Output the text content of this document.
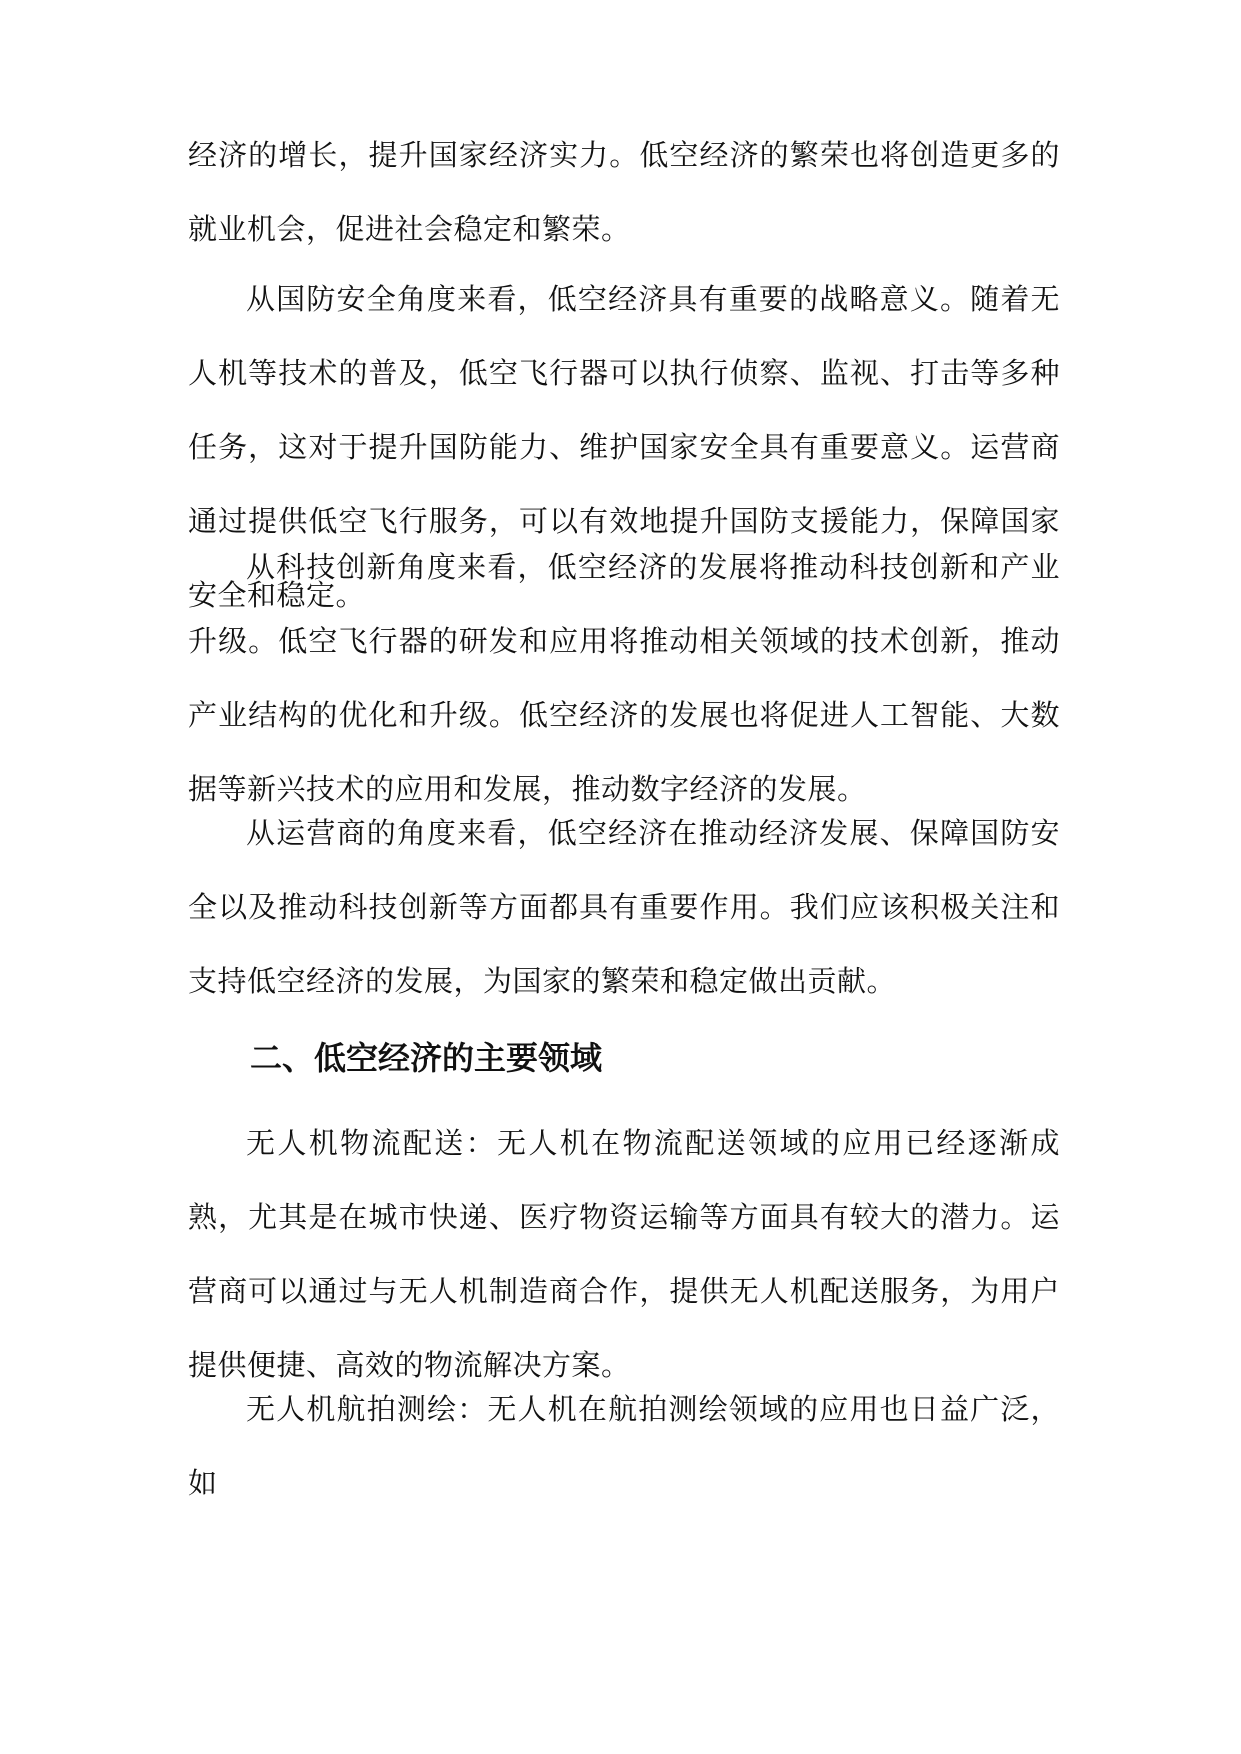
经济的增长，提升国家经济实力。低空经济的繁荣也将创造更多的就业机会，促进社会稳定和繁荣。

从国防安全角度来看，低空经济具有重要的战略意义。随着无人机等技术的普及，低空飞行器可以执行侦察、监视、打击等多种任务，这对于提升国防能力、维护国家安全具有重要意义。运营商通过提供低空飞行服务，可以有效地提升国防支援能力，保障国家安全和稳定。

从科技创新角度来看，低空经济的发展将推动科技创新和产业升级。低空飞行器的研发和应用将推动相关领域的技术创新，推动产业结构的优化和升级。低空经济的发展也将促进人工智能、大数据等新兴技术的应用和发展，推动数字经济的发展。

从运营商的角度来看，低空经济在推动经济发展、保障国防安全以及推动科技创新等方面都具有重要作用。我们应该积极关注和支持低空经济的发展，为国家的繁荣和稳定做出贡献。

二、低空经济的主要领域

无人机物流配送：无人机在物流配送领域的应用已经逐渐成熟，尤其是在城市快递、医疗物资运输等方面具有较大的潜力。运营商可以通过与无人机制造商合作，提供无人机配送服务，为用户提供便捷、高效的物流解决方案。

无人机航拍测绘：无人机在航拍测绘领域的应用也日益广泛，如
